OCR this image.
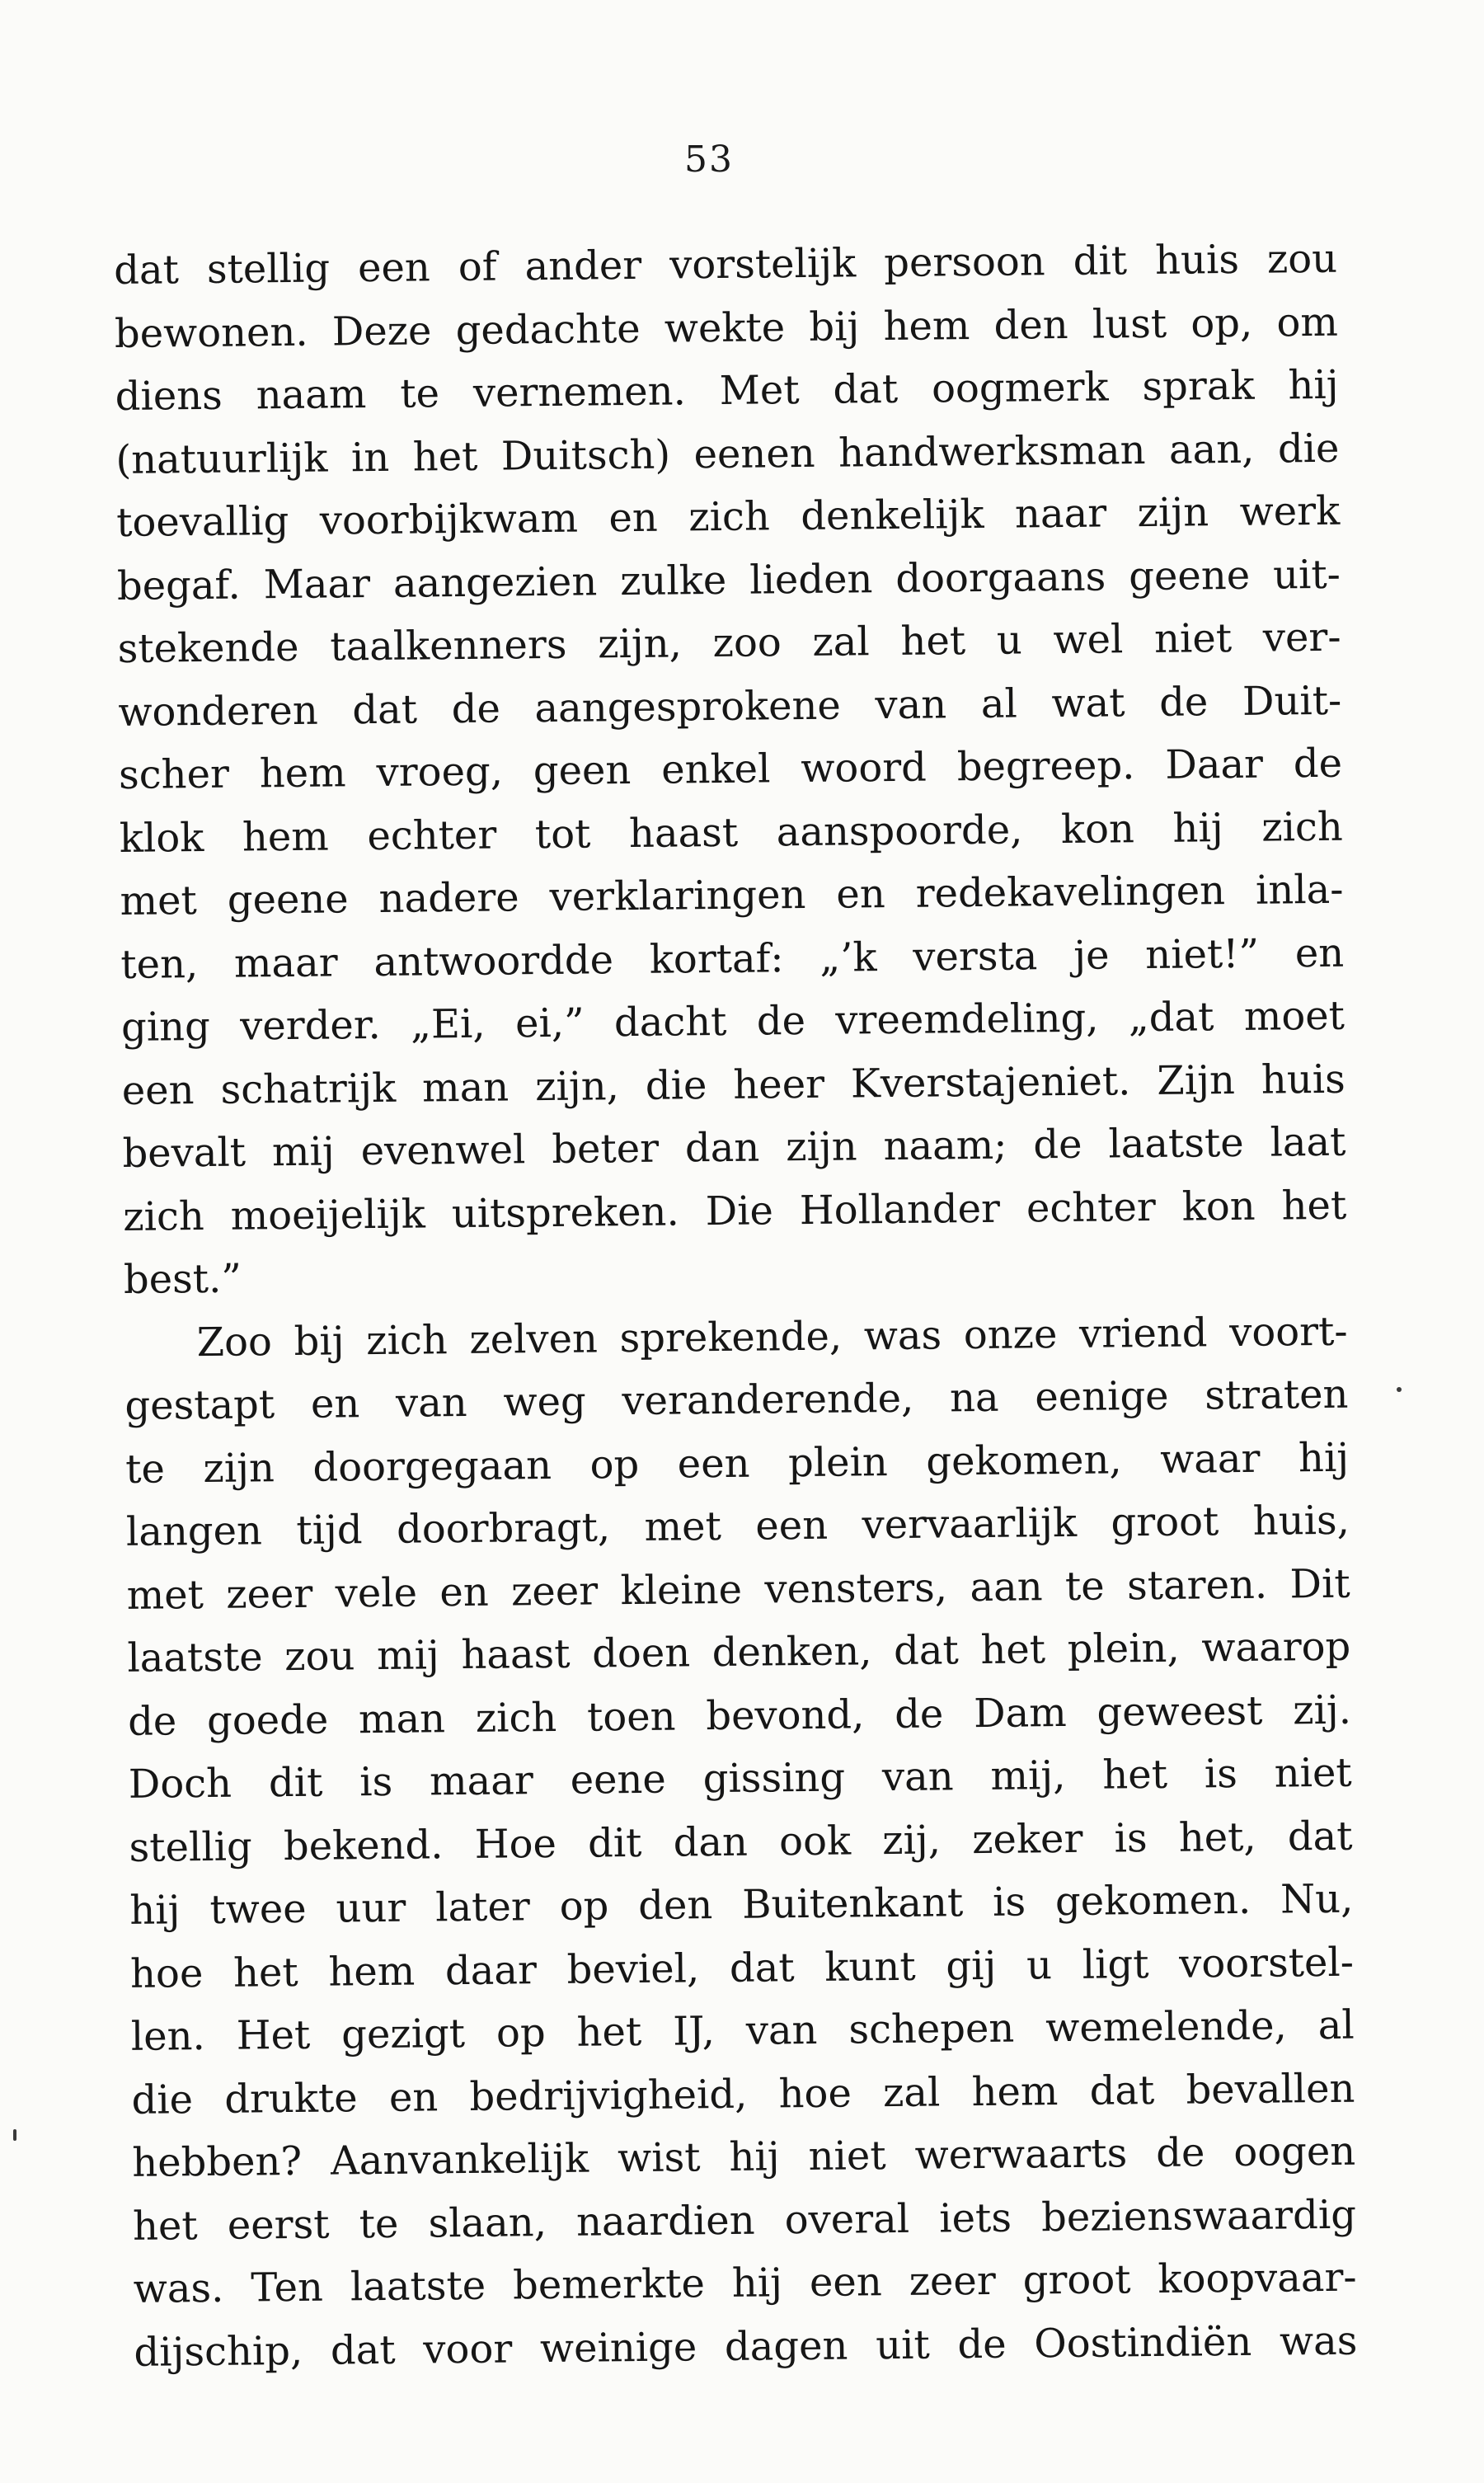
53
dat stellig een of ander vorstelijk persoon dit huis zou
bewonen. Deze gedachte wekte bij hem den lust op, om
diens naam te vernemen. Met dat oogmerk sprak hij
(natuurlijk in het Duitsch) eenen handwerksman aan, die
toevallig voorbijkwam en zich denkelijk naar zijn werk
begaf. Maar aangezien zulke lieden doorgaans geene uit-
stekende taalkenners zijn, zoo zal het u wel niet ver-
wonderen dat de aangesprokene van al wat de Duit-
scher hem vroeg, geen enkel woord begreep. Daar de
klok hem echter tot haast aanspoorde, kon hij zich
met geene nadere verklaringen en redekavelingen inla-
ten, maar antwoordde kortaf: „’k versta je niet!” en
ging verder. „Ei, ei,” dacht de vreemdeling, „dat moet
een schatrijk man zijn, die heer Kverstajeniet. Zijn huis
bevalt mij evenwel beter dan zijn naam; de laatste laat
zich moeijelijk uitspreken. Die Hollander echter kon het
best.”
Zoo bij zich zelven sprekende, was onze vriend voort-
gestapt en van weg veranderende, na eenige straten
te zijn doorgegaan op een plein gekomen, waar hij
langen tijd doorbragt, met een vervaarlijk groot huis,
met zeer vele en zeer kleine vensters, aan te staren. Dit
laatste zou mij haast doen denken, dat het plein, waarop
de goede man zich toen bevond, de Dam geweest zij.
Doch dit is maar eene gissing van mij, het is niet
stellig bekend. Hoe dit dan ook zij, zeker is het, dat
hij twee uur later op den Buitenkant is gekomen. Nu,
hoe het hem daar beviel, dat kunt gij u ligt voorstel-
len. Het gezigt op het IJ, van schepen wemelende, al
die drukte en bedrijvigheid, hoe zal hem dat bevallen
hebben? Aanvankelijk wist hij niet werwaarts de oogen
het eerst te slaan, naardien overal iets bezienswaardig
was. Ten laatste bemerkte hij een zeer groot koopvaar-
dijschip, dat voor weinige dagen uit de Oostindiën was
